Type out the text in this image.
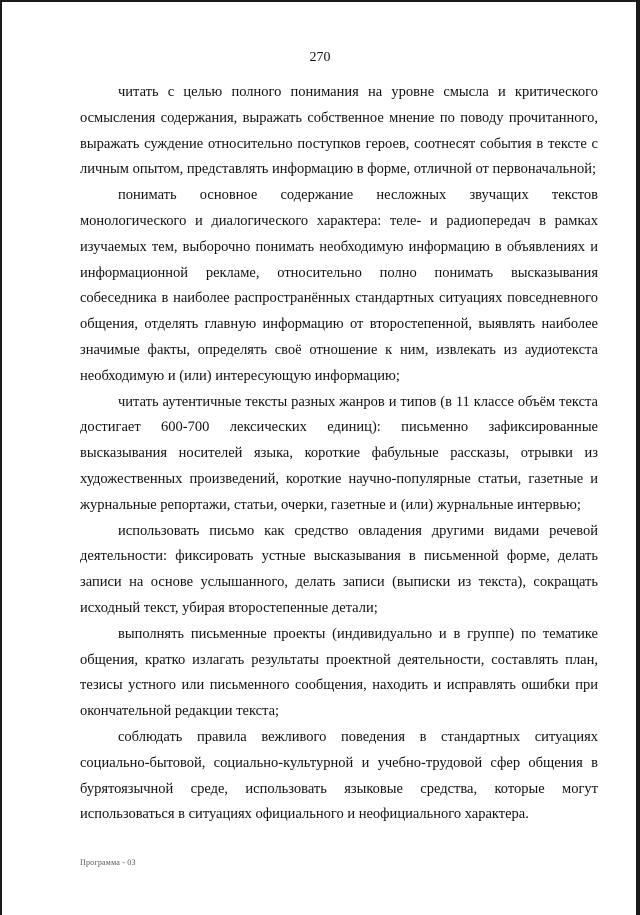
270

читать с целью полного понимания на уровне смысла и критического осмысления содержания, выражать собственное мнение по поводу прочитанного, выражать суждение относительно поступков героев, соотнесят события в тексте с личным опытом, представлять информацию в форме, отличной от первоначальной;

понимать основное содержание несложных звучащих текстов монологического и диалогического характера: теле- и радиопередач в рамках изучаемых тем, выборочно понимать необходимую информацию в объявлениях и информационной рекламе, относительно полно понимать высказывания собеседника в наиболее распространённых стандартных ситуациях повседневного общения, отделять главную информацию от второстепенной, выявлять наиболее значимые факты, определять своё отношение к ним, извлекать из аудиотекста необходимую и (или) интересующую информацию;

читать аутентичные тексты разных жанров и типов (в 11 классе объём текста достигает 600-700 лексических единиц): письменно зафиксированные высказывания носителей языка, короткие фабульные рассказы, отрывки из художественных произведений, короткие научно-популярные статьи, газетные и журнальные репортажи, статьи, очерки, газетные и (или) журнальные интервью;

использовать письмо как средство овладения другими видами речевой деятельности: фиксировать устные высказывания в письменной форме, делать записи на основе услышанного, делать записи (выписки из текста), сокращать исходный текст, убирая второстепенные детали;

выполнять письменные проекты (индивидуально и в группе) по тематике общения, кратко излагать результаты проектной деятельности, составлять план, тезисы устного или письменного сообщения, находить и исправлять ошибки при окончательной редакции текста;

соблюдать правила вежливого поведения в стандартных ситуациях социально-бытовой, социально-культурной и учебно-трудовой сфер общения в бурятоязычной среде, использовать языковые средства, которые могут использоваться в ситуациях официального и неофициального характера.

Программа - 03
